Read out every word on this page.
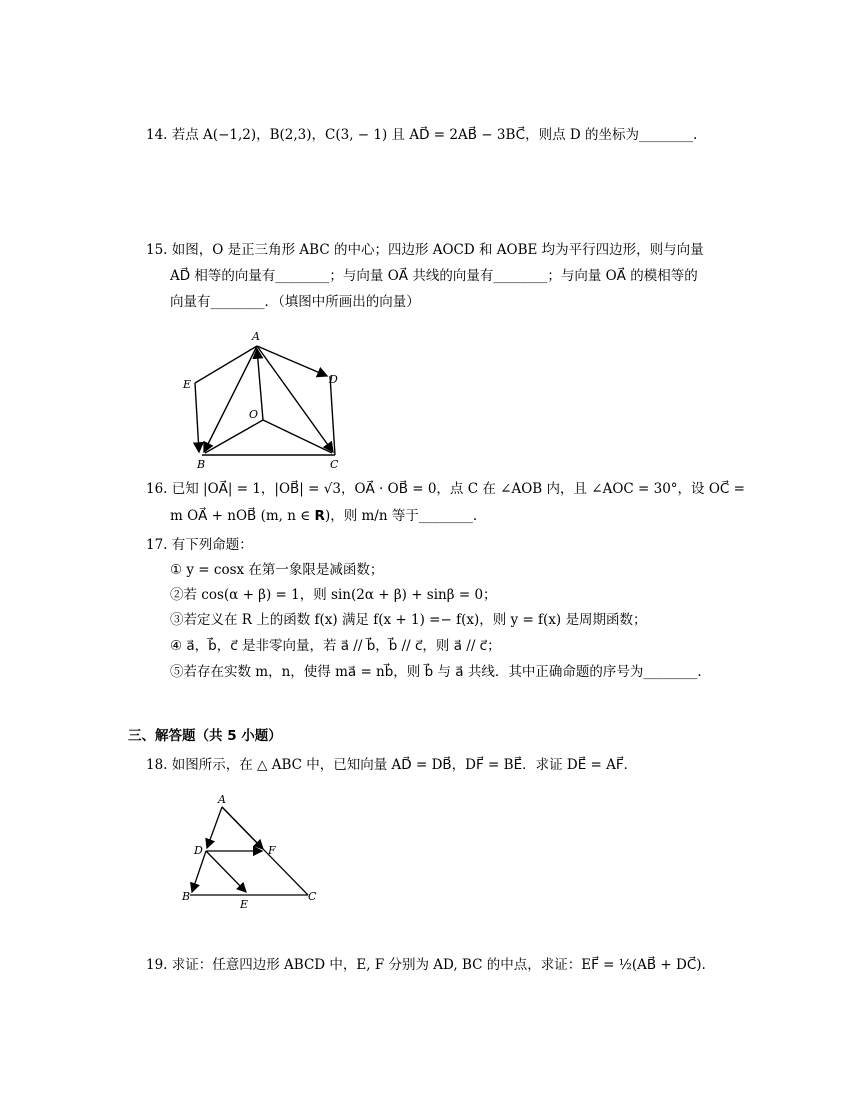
14. 若点 A(−1,2)，B(2,3)，C(3, − 1) 且 AD⃗ = 2AB⃗ − 3BC⃗，则点 D 的坐标为________.
15. 如图，O 是正三角形 ABC 的中心；四边形 AOCD 和 AOBE 均为平行四边形，则与向量
AD⃗ 相等的向量有________；与向量 OA⃗ 共线的向量有________；与向量 OA⃗ 的模相等的
向量有________．（填图中所画出的向量）
A
B	C
D
E
O
16. 已知 |OA⃗| = 1，|OB⃗| = √3，OA⃗ · OB⃗ = 0，点 C 在 ∠AOB 内，且 ∠AOC = 30°，设 OC⃗ =
m OA⃗ + nOB⃗ (m, n ∈ R)，则 m/n 等于________.
17. 有下列命题：
① y = cosx 在第一象限是减函数；
②若 cos(α + β) = 1，则 sin(2α + β) + sinβ = 0；
③若定义在 R 上的函数 f(x) 满足 f(x + 1) =− f(x)，则 y = f(x) 是周期函数；
④ a⃗，b⃗，c⃗ 是非零向量，若 a⃗ // b⃗，b⃗ // c⃗，则 a⃗ // c⃗；
⑤若存在实数 m，n，使得 ma⃗ = nb⃗，则 b⃗ 与 a⃗ 共线．其中正确命题的序号为________.
三、解答题（共 5 小题）
18. 如图所示，在 △ ABC 中，已知向量 AD⃗ = DB⃗，DF⃗ = BE⃗．求证 DE⃗ = AF⃗．
A
B	C
D
E
F
19. 求证：任意四边形 ABCD 中，E, F 分别为 AD, BC 的中点，求证：EF⃗ = ½(AB⃗ + DC⃗).
